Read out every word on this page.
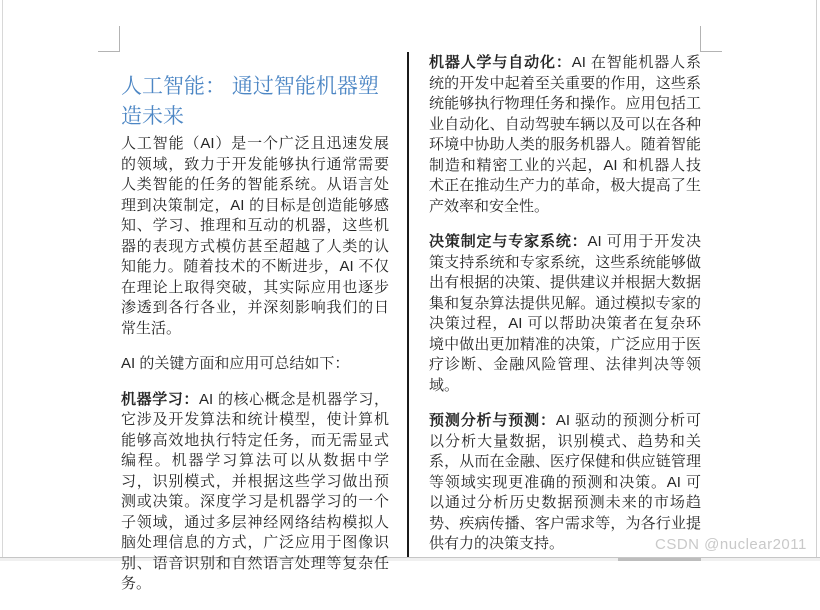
人工智能： 通过智能机器塑造未来

人工智能（AI）是一个广泛且迅速发展的领域，致力于开发能够执行通常需要人类智能的任务的智能系统。从语言处理到决策制定，AI 的目标是创造能够感知、学习、推理和互动的机器，这些机器的表现方式模仿甚至超越了人类的认知能力。随着技术的不断进步，AI 不仅在理论上取得突破，其实际应用也逐步渗透到各行各业，并深刻影响我们的日常生活。

AI 的关键方面和应用可总结如下：

机器学习：AI 的核心概念是机器学习，它涉及开发算法和统计模型，使计算机能够高效地执行特定任务，而无需显式编程。机器学习算法可以从数据中学习，识别模式，并根据这些学习做出预测或决策。深度学习是机器学习的一个子领域，通过多层神经网络结构模拟人脑处理信息的方式，广泛应用于图像识别、语音识别和自然语言处理等复杂任务。

机器人学与自动化：AI 在智能机器人系统的开发中起着至关重要的作用，这些系统能够执行物理任务和操作。应用包括工业自动化、自动驾驶车辆以及可以在各种环境中协助人类的服务机器人。随着智能制造和精密工业的兴起，AI 和机器人技术正在推动生产力的革命，极大提高了生产效率和安全性。

决策制定与专家系统：AI 可用于开发决策支持系统和专家系统，这些系统能够做出有根据的决策、提供建议并根据大数据集和复杂算法提供见解。通过模拟专家的决策过程，AI 可以帮助决策者在复杂环境中做出更加精准的决策，广泛应用于医疗诊断、金融风险管理、法律判决等领域。

预测分析与预测：AI 驱动的预测分析可以分析大量数据，识别模式、趋势和关系，从而在金融、医疗保健和供应链管理等领域实现更准确的预测和决策。AI 可以通过分析历史数据预测未来的市场趋势、疾病传播、客户需求等，为各行业提供有力的决策支持。	CSDN @nuclear2011
